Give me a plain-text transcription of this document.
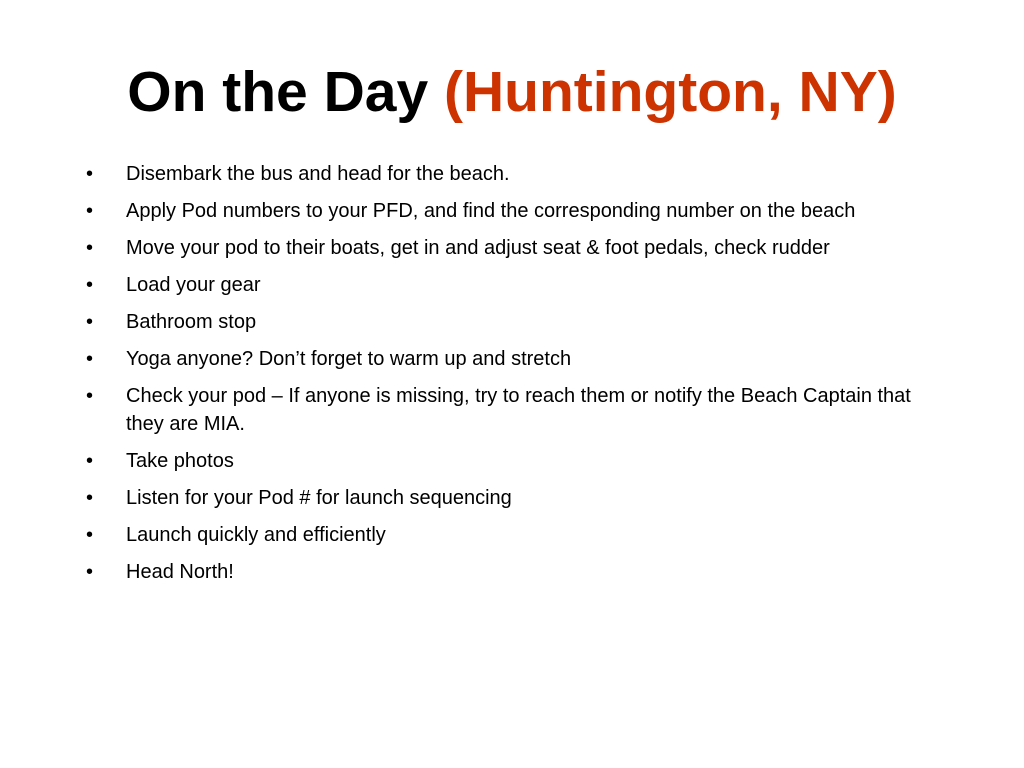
On the Day (Huntington, NY)
• Disembark the bus and head for the beach.
• Apply Pod numbers to your PFD, and find the corresponding number on the beach
• Move your pod to their boats, get in and adjust seat & foot pedals, check rudder
• Load your gear
• Bathroom stop
• Yoga anyone? Don’t forget to warm up and stretch
• Check your pod – If anyone is missing, try to reach them or notify the Beach Captain that they are MIA.
• Take photos
• Listen for your Pod # for launch sequencing
• Launch quickly and efficiently
• Head North!
